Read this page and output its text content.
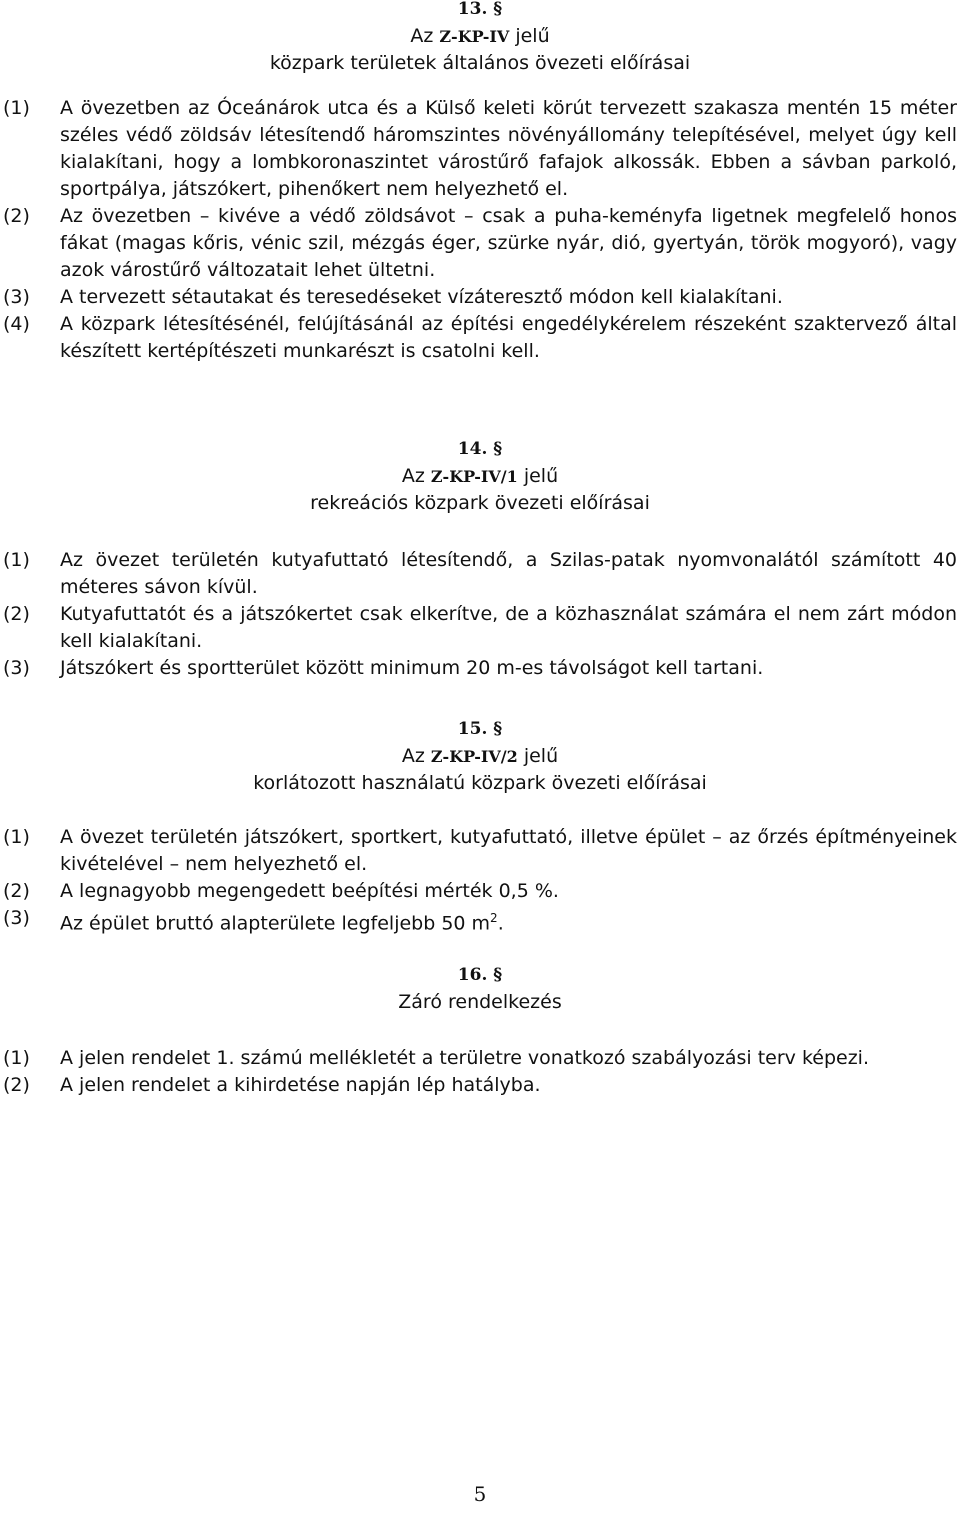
13. §
Az Z-KP-IV jelű
közpark területek általános övezeti előírásai
(1)	A övezetben az Óceánárok utca és a Külső keleti körút tervezett szakasza mentén 15 méter széles védő zöldsáv létesítendő háromszintes növényállomány telepítésével, melyet úgy kell kialakítani, hogy a lombkoronaszintet várostűrő fafajok alkossák. Ebben a sávban parkoló, sportpálya, játszókert, pihenőkert nem helyezhető el.
(2)	Az övezetben – kivéve a védő zöldsávot – csak a puha-keményfa ligetnek megfelelő honos fákat (magas kőris, vénic szil, mézgás éger, szürke nyár, dió, gyertyán, török mogyoró), vagy azok várostűrő változatait lehet ültetni.
(3)	A tervezett sétautakat és teresedéseket vízáteresztő módon kell kialakítani.
(4)	A közpark létesítésénél, felújításánál az építési engedélykérelem részeként szaktervező által készített kertépítészeti munkarészt is csatolni kell.
14. §
Az Z-KP-IV/1 jelű
rekreációs közpark övezeti előírásai
(1)	Az övezet területén kutyafuttató létesítendő, a Szilas-patak nyomvonalától számított 40 méteres sávon kívül.
(2)	Kutyafuttatót és a játszókertet csak elkerítve, de a közhasználat számára el nem zárt módon kell kialakítani.
(3)	Játszókert és sportterület között minimum 20 m-es távolságot kell tartani.
15. §
Az Z-KP-IV/2 jelű
korlátozott használatú közpark övezeti előírásai
(1)	A övezet területén játszókert, sportkert, kutyafuttató, illetve épület – az őrzés építményeinek kivételével – nem helyezhető el.
(2)	A legnagyobb megengedett beépítési mérték 0,5 %.
(3)	Az épület bruttó alapterülete legfeljebb 50 $m^2$.
16. §
Záró rendelkezés
(1)	A jelen rendelet 1. számú mellékletét a területre vonatkozó szabályozási terv képezi.
(2)	A jelen rendelet a kihirdetése napján lép hatályba.
5
